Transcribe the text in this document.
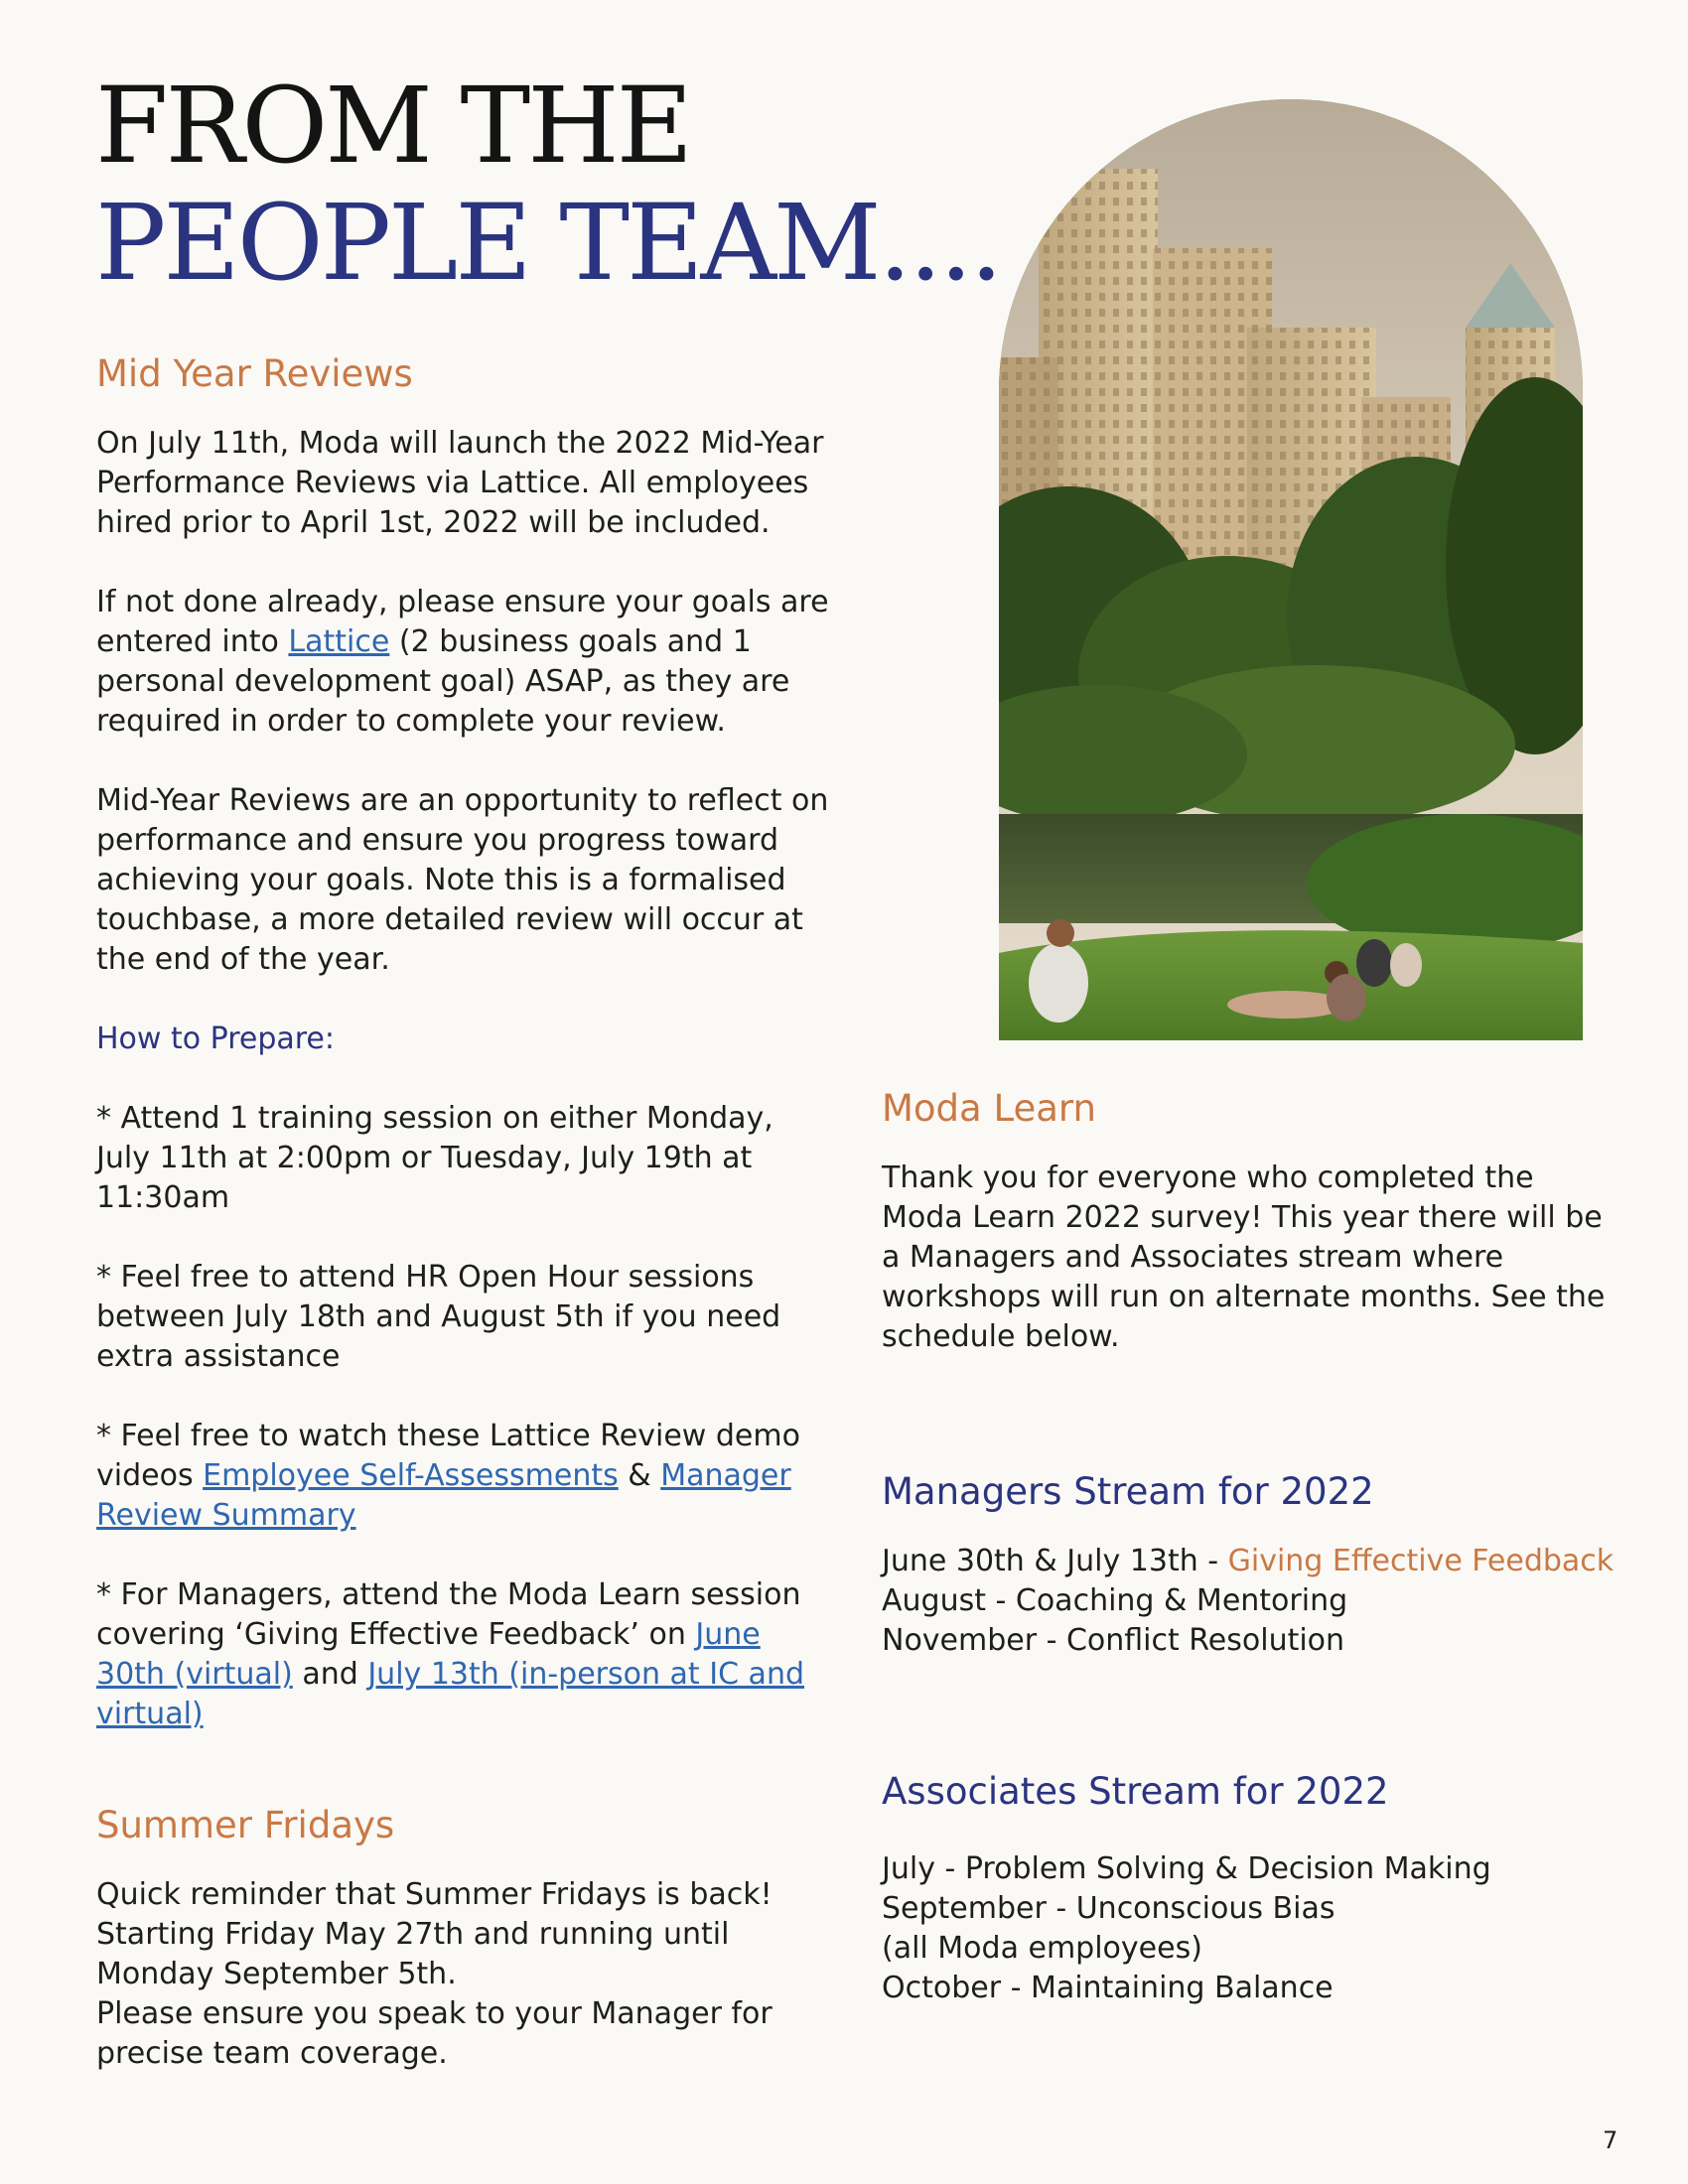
FROM THE
PEOPLE TEAM....
Mid Year Reviews

On July 11th, Moda will launch the 2022 Mid-Year Performance Reviews via Lattice. All employees hired prior to April 1st, 2022 will be included.

If not done already, please ensure your goals are entered into Lattice (2 business goals and 1 personal development goal) ASAP, as they are required in order to complete your review.

Mid-Year Reviews are an opportunity to reflect on performance and ensure you progress toward achieving your goals. Note this is a formalised touchbase, a more detailed review will occur at the end of the year.

How to Prepare:

* Attend 1 training session on either Monday, July 11th at 2:00pm or Tuesday, July 19th at 11:30am

* Feel free to attend HR Open Hour sessions between July 18th and August 5th if you need extra assistance

* Feel free to watch these Lattice Review demo videos Employee Self-Assessments & Manager Review Summary

* For Managers, attend the Moda Learn session covering ‘Giving Effective Feedback’ on June 30th (virtual) and July 13th (in-person at IC and virtual)

Summer Fridays

Quick reminder that Summer Fridays is back! Starting Friday May 27th and running until Monday September 5th.

Please ensure you speak to your Manager for precise team coverage.

Moda Learn

Thank you for everyone who completed the Moda Learn 2022 survey! This year there will be a Managers and Associates stream where workshops will run on alternate months. See the schedule below.

Managers Stream for 2022

June 30th & July 13th - Giving Effective Feedback

August - Coaching & Mentoring

November - Conflict Resolution

Associates Stream for 2022

July - Problem Solving & Decision Making

September - Unconscious Bias

(all Moda employees)

October - Maintaining Balance

7
